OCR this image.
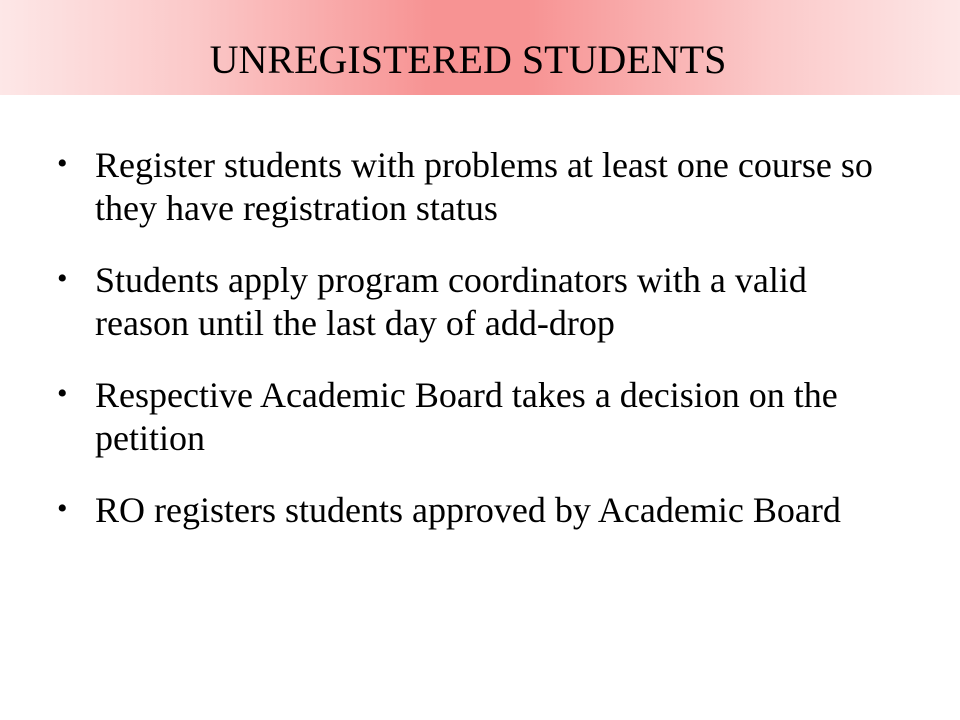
UNREGISTERED STUDENTS
• Register students with problems at least one course so they have registration status
• Students apply program coordinators with a valid reason until the last day of add-drop
• Respective Academic Board takes a decision on the petition
• RO registers students approved by Academic Board
